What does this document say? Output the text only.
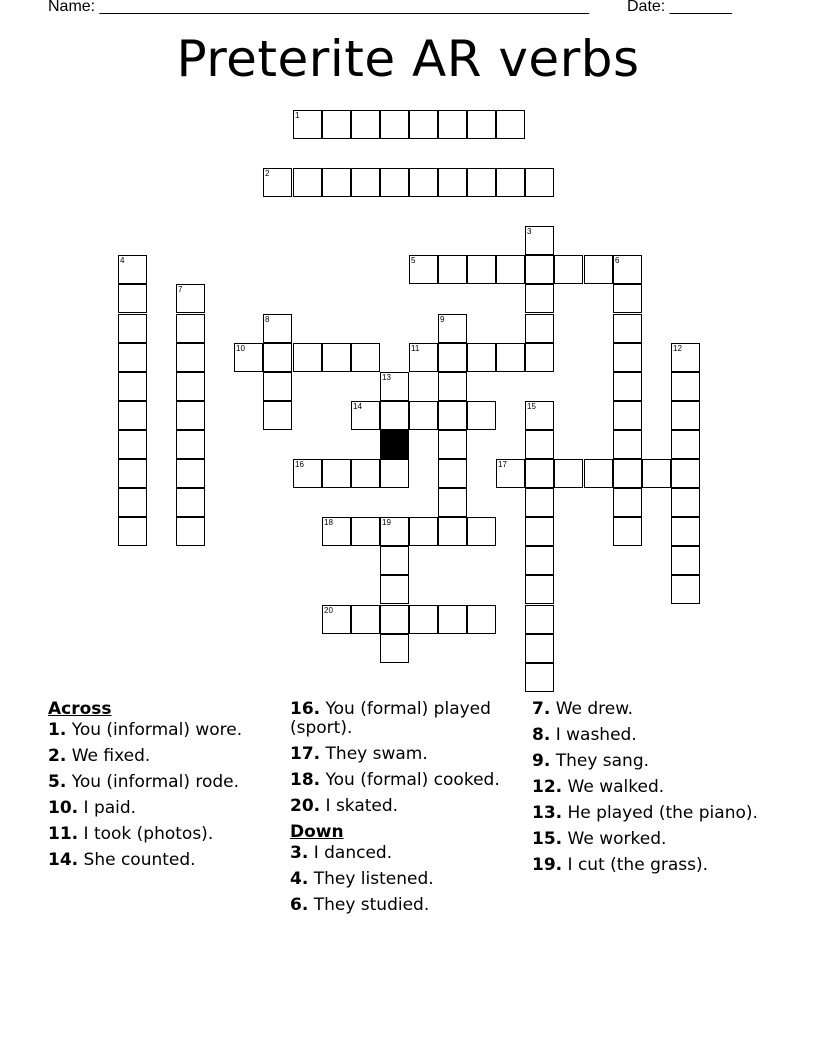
Name: _______________________________________________________ Date: _______
Preterite AR verbs
1
2
3
4	5	6
7
8	9
10	11	12
13
14	15
16	17
18	19
20
Across
1. You (informal) wore.
2. We fixed.
5. You (informal) rode.
10. I paid.
11. I took (photos).
14. She counted.
16. You (formal) played (sport).
17. They swam.
18. You (formal) cooked.
20. I skated.
Down
3. I danced.
4. They listened.
6. They studied.
7. We drew.
8. I washed.
9. They sang.
12. We walked.
13. He played (the piano).
15. We worked.
19. I cut (the grass).
